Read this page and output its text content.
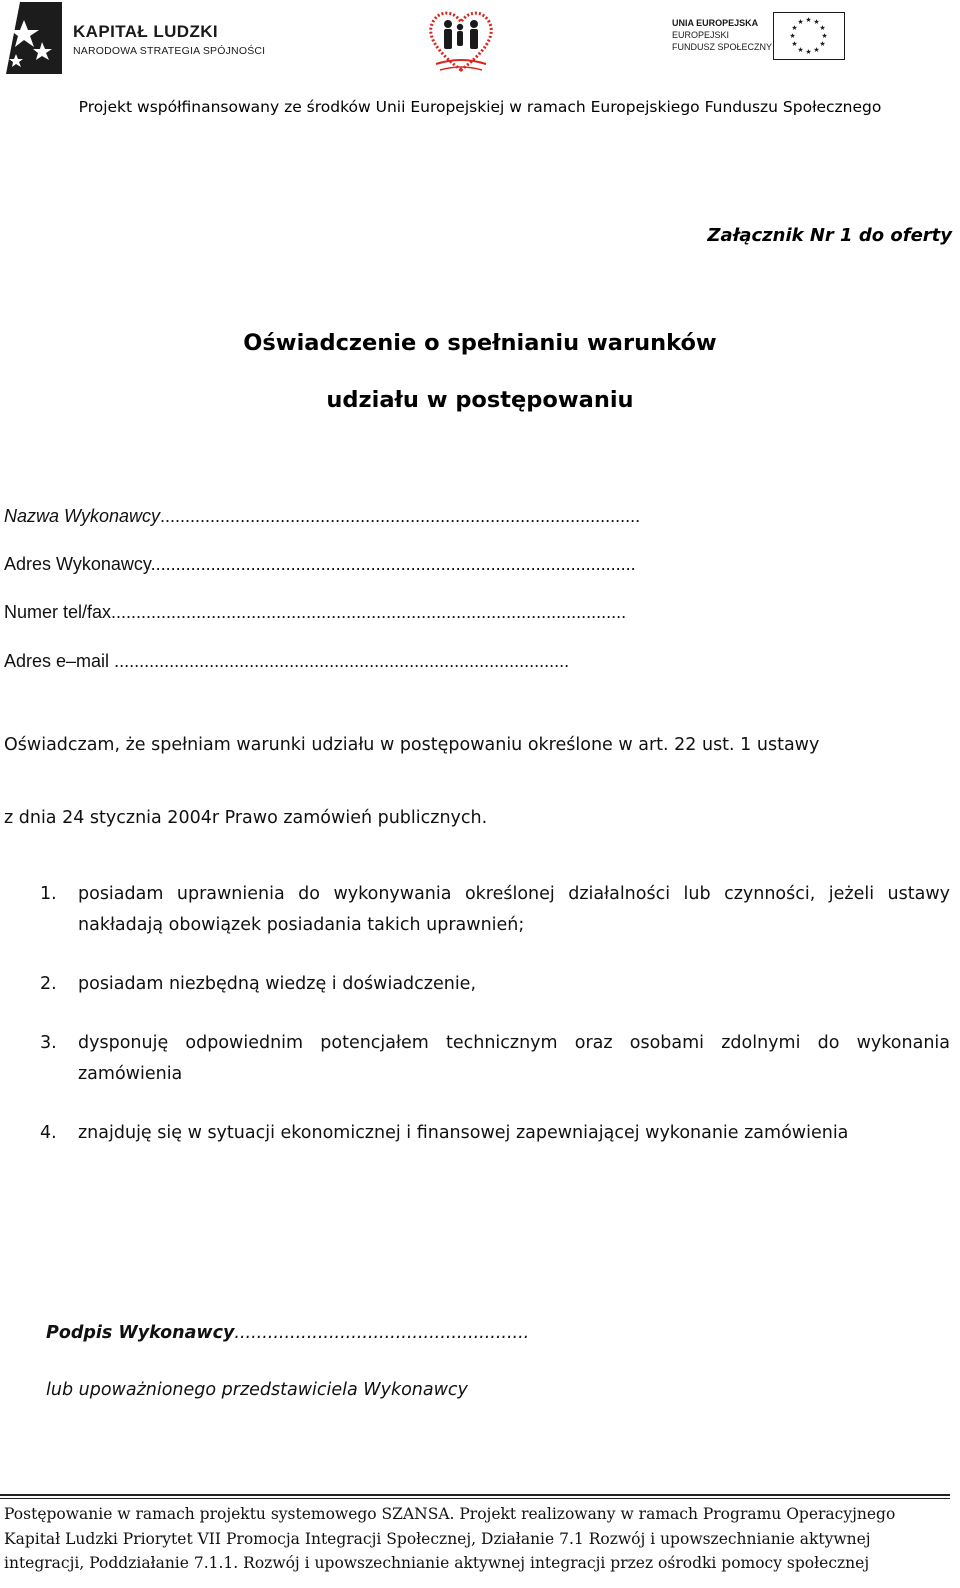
KAPITAŁ LUDZKI
NARODOWA STRATEGIA SPÓJNOŚCI
UNIA EUROPEJSKA
EUROPEJSKI
FUNDUSZ SPOŁECZNY
★ ★
★
★
★
★
★
★
★
★
★
★
Projekt współfinansowany ze środków Unii Europejskiej w ramach Europejskiego Funduszu Społecznego
Załącznik Nr 1 do oferty
Oświadczenie o spełnianiu warunków
udziału w postępowaniu
Nazwa Wykonawcy................................................................................................
Adres Wykonawcy.................................................................................................
Numer tel/fax.......................................................................................................
Adres e–mail ...........................................................................................
Oświadczam, że spełniam warunki udziału w postępowaniu określone w art. 22 ust. 1 ustawy
z dnia 24 stycznia 2004r Prawo zamówień publicznych.
1.	posiadam uprawnienia do wykonywania określonej działalności lub czynności, jeżeli ustawy nakładają obowiązek posiadania takich uprawnień;
2.	posiadam niezbędną wiedzę i doświadczenie,
3.	dysponuję odpowiednim potencjałem technicznym oraz osobami zdolnymi do wykonania zamówienia
4.	znajduję się w sytuacji ekonomicznej i finansowej zapewniającej wykonanie zamówienia
Podpis Wykonawcy.....................................................
lub upoważnionego przedstawiciela Wykonawcy
Postępowanie w ramach projektu systemowego SZANSA. Projekt realizowany w ramach Programu Operacyjnego
Kapitał Ludzki Priorytet VII Promocja Integracji Społecznej, Działanie 7.1 Rozwój i upowszechnianie aktywnej
integracji, Poddziałanie 7.1.1. Rozwój i upowszechnianie aktywnej integracji przez ośrodki pomocy społecznej
